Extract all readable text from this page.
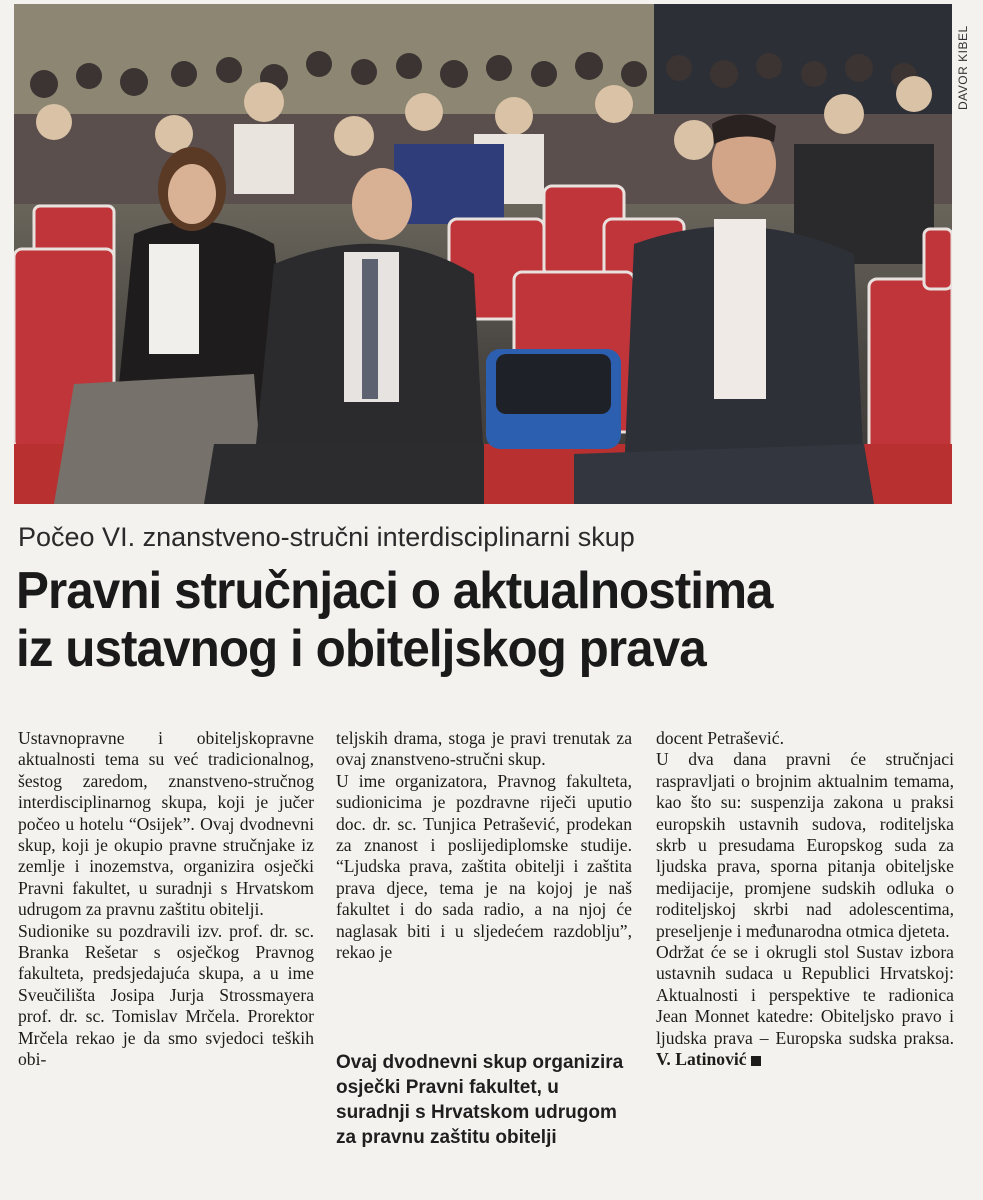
DAVOR KIBEL
Počeo VI. znanstveno-stručni interdisciplinarni skup
Pravni stručnjaci o aktualnostima
iz ustavnog i obiteljskog prava

Ustavnopravne i obiteljskopravne aktualnosti tema su već tradicionalnog, šestog zaredom, znanstveno-stručnog interdisciplinarnog skupa, koji je jučer počeo u hotelu “Osijek”. Ovaj dvodnevni skup, koji je okupio pravne stručnjake iz zemlje i inozemstva, organizira osječki Pravni fakultet, u suradnji s Hrvatskom udrugom za pravnu zaštitu obitelji.

Sudionike su pozdravili izv. prof. dr. sc. Branka Rešetar s osječkog Pravnog fakulteta, predsjedajuća skupa, a u ime Sveučilišta Josipa Jurja Strossmayera prof. dr. sc. Tomislav Mrčela. Prorektor Mrčela rekao je da smo svjedoci teških obi-

teljskih drama, stoga je pravi trenutak za ovaj znanstveno-stručni skup.

U ime organizatora, Pravnog fakulteta, sudionicima je pozdravne riječi uputio doc. dr. sc. Tunjica Petrašević, prodekan za znanost i poslijediplomske studije. “Ljudska prava, zaštita obitelji i zaštita prava djece, tema je na kojoj je naš fakultet i do sada radio, a na njoj će naglasak biti i u sljedećem razdoblju”, rekao je

Ovaj dvodnevni skup organizira osječki Pravni fakultet, u suradnji s Hrvatskom udrugom za pravnu zaštitu obitelji

docent Petrašević.

U dva dana pravni će stručnjaci raspravljati o brojnim aktualnim temama, kao što su: suspenzija zakona u praksi europskih ustavnih sudova, roditeljska skrb u presudama Europskog suda za ljudska prava, sporna pitanja obiteljske medijacije, promjene sudskih odluka o roditeljskoj skrbi nad adolescentima, preseljenje i međunarodna otmica djeteta.

Održat će se i okrugli stol Sustav izbora ustavnih sudaca u Republici Hrvatskoj: Aktualnosti i perspektive te radionica Jean Monnet katedre: Obiteljsko pravo i ljudska prava – Europska sudska praksa. V. Latinović
